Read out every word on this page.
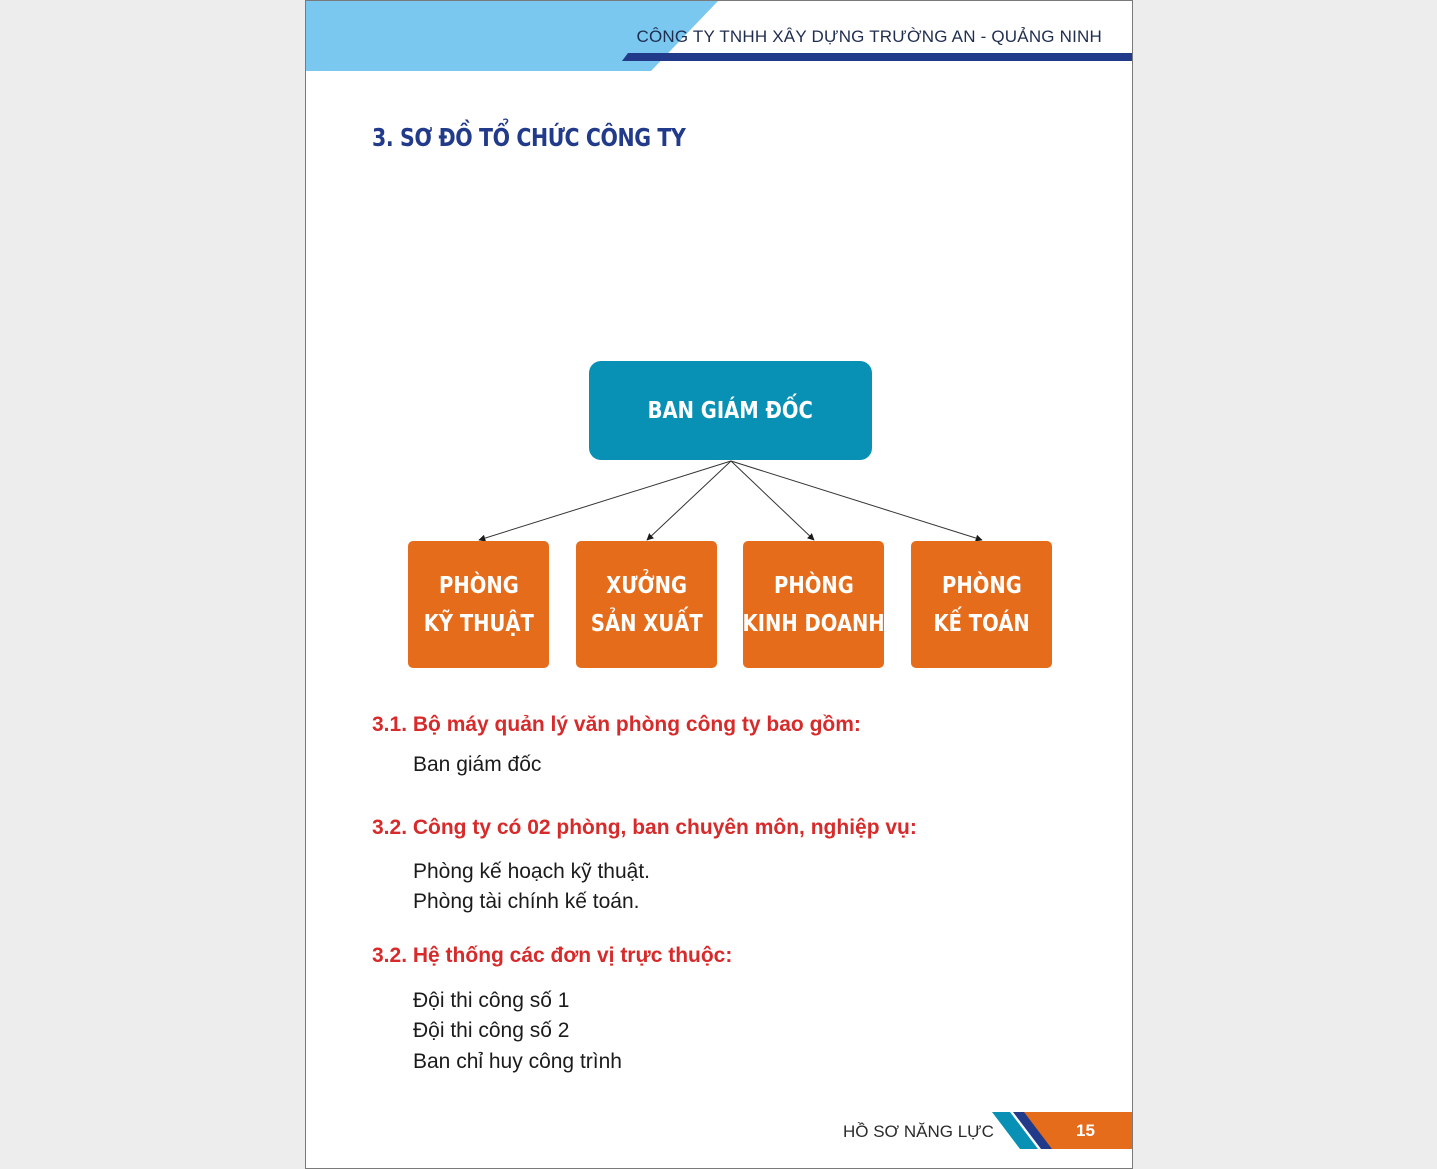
CÔNG TY TNHH XÂY DỰNG TRƯỜNG AN - QUẢNG NINH
3. SƠ ĐỒ TỔ CHỨC CÔNG TY
BAN GIÁM ĐỐC
PHÒNG
KỸ THUẬT
XƯỞNG
SẢN XUẤT
PHÒNG
KINH DOANH
PHÒNG
KẾ TOÁN
3.1. Bộ máy quản lý văn phòng công ty bao gồm:
Ban giám đốc
3.2. Công ty có 02 phòng, ban chuyên môn, nghiệp vụ:
Phòng kế hoạch kỹ thuật.
Phòng tài chính kế toán.
3.2. Hệ thống các đơn vị trực thuộc:
Đội thi công số 1
Đội thi công số 2
Ban chỉ huy công trình
HỒ SƠ NĂNG LỰC	15
